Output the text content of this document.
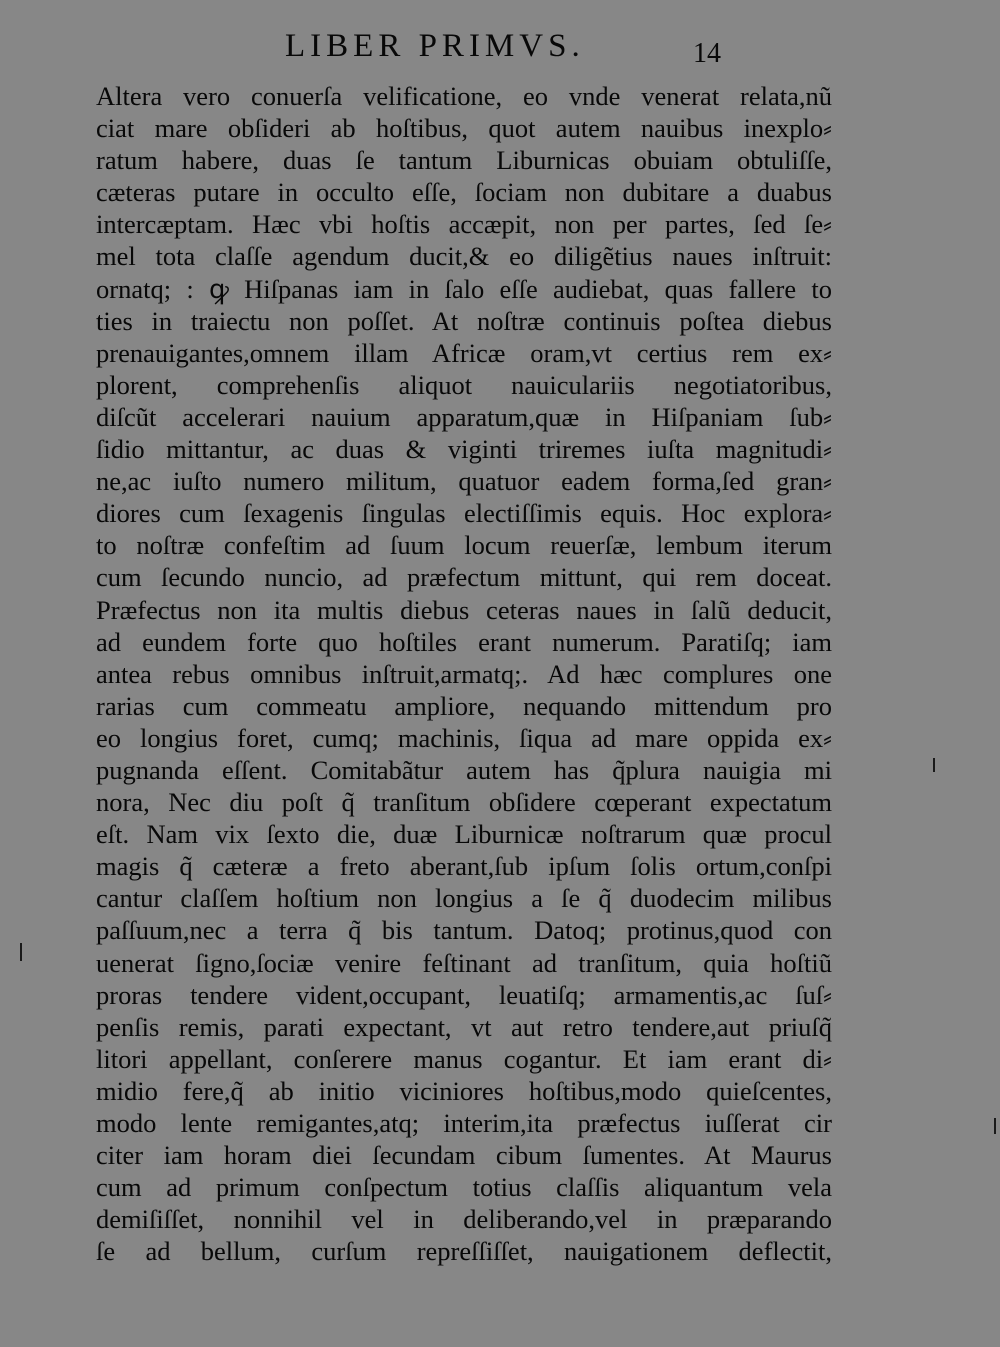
LIBER PRIMVS.	14
Altera vero conuerſa velificatione, eo vnde venerat relata,nũ
ciat mare obſideri ab hoſtibus, quot autem nauibus inexplo⸗
ratum habere, duas ſe tantum Liburnicas obuiam obtuliſſe,
cæteras putare in occulto eſſe, ſociam non dubitare a duabus
intercæptam. Hæc vbi hoſtis accæpit, non per partes, ſed ſe⸗
mel tota claſſe agendum ducit,& eo diligẽtius naues inſtruit:
ornatq; : ꝙ Hiſpanas iam in ſalo eſſe audiebat, quas fallere to
ties in traiectu non poſſet. At noſtræ continuis poſtea diebus
prenauigantes,omnem illam Africæ oram,vt certius rem ex⸗
plorent, comprehenſis aliquot nauiculariis negotiatoribus,
diſcũt accelerari nauium apparatum,quæ in Hiſpaniam ſub⸗
ſidio mittantur, ac duas & viginti triremes iuſta magnitudi⸗
ne,ac iuſto numero militum, quatuor eadem forma,ſed gran⸗
diores cum ſexagenis ſingulas electiſſimis equis. Hoc explora⸗
to noſtræ confeſtim ad ſuum locum reuerſæ, lembum iterum
cum ſecundo nuncio, ad præfectum mittunt, qui rem doceat.
Præfectus non ita multis diebus ceteras naues in ſalũ deducit,
ad eundem forte quo hoſtiles erant numerum. Paratiſq; iam
antea rebus omnibus inſtruit,armatq;. Ad hæc complures one
rarias cum commeatu ampliore, nequando mittendum pro
eo longius foret, cumq; machinis, ſiqua ad mare oppida ex⸗
pugnanda eſſent. Comitabãtur autem has q̃plura nauigia mi
nora, Nec diu poſt q̃ tranſitum obſidere cœperant expectatum
eſt. Nam vix ſexto die, duæ Liburnicæ noſtrarum quæ procul
magis q̃ cæteræ a freto aberant,ſub ipſum ſolis ortum,conſpi
cantur claſſem hoſtium non longius a ſe q̃ duodecim milibus
paſſuum,nec a terra q̃ bis tantum. Datoq; protinus,quod con
uenerat ſigno,ſociæ venire feſtinant ad tranſitum, quia hoſtiũ
proras tendere vident,occupant, leuatiſq; armamentis,ac ſuſ⸗
penſis remis, parati expectant, vt aut retro tendere,aut priuſq̃
litori appellant, conſerere manus cogantur. Et iam erant di⸗
midio fere,q̃ ab initio viciniores hoſtibus,modo quieſcentes,
modo lente remigantes,atq; interim,ita præfectus iuſſerat cir
citer iam horam diei ſecundam cibum ſumentes. At Maurus
cum ad primum conſpectum totius claſſis aliquantum vela
demiſiſſet, nonnihil vel in deliberando,vel in præparando
ſe ad bellum, curſum repreſſiſſet, nauigationem deflectit,
